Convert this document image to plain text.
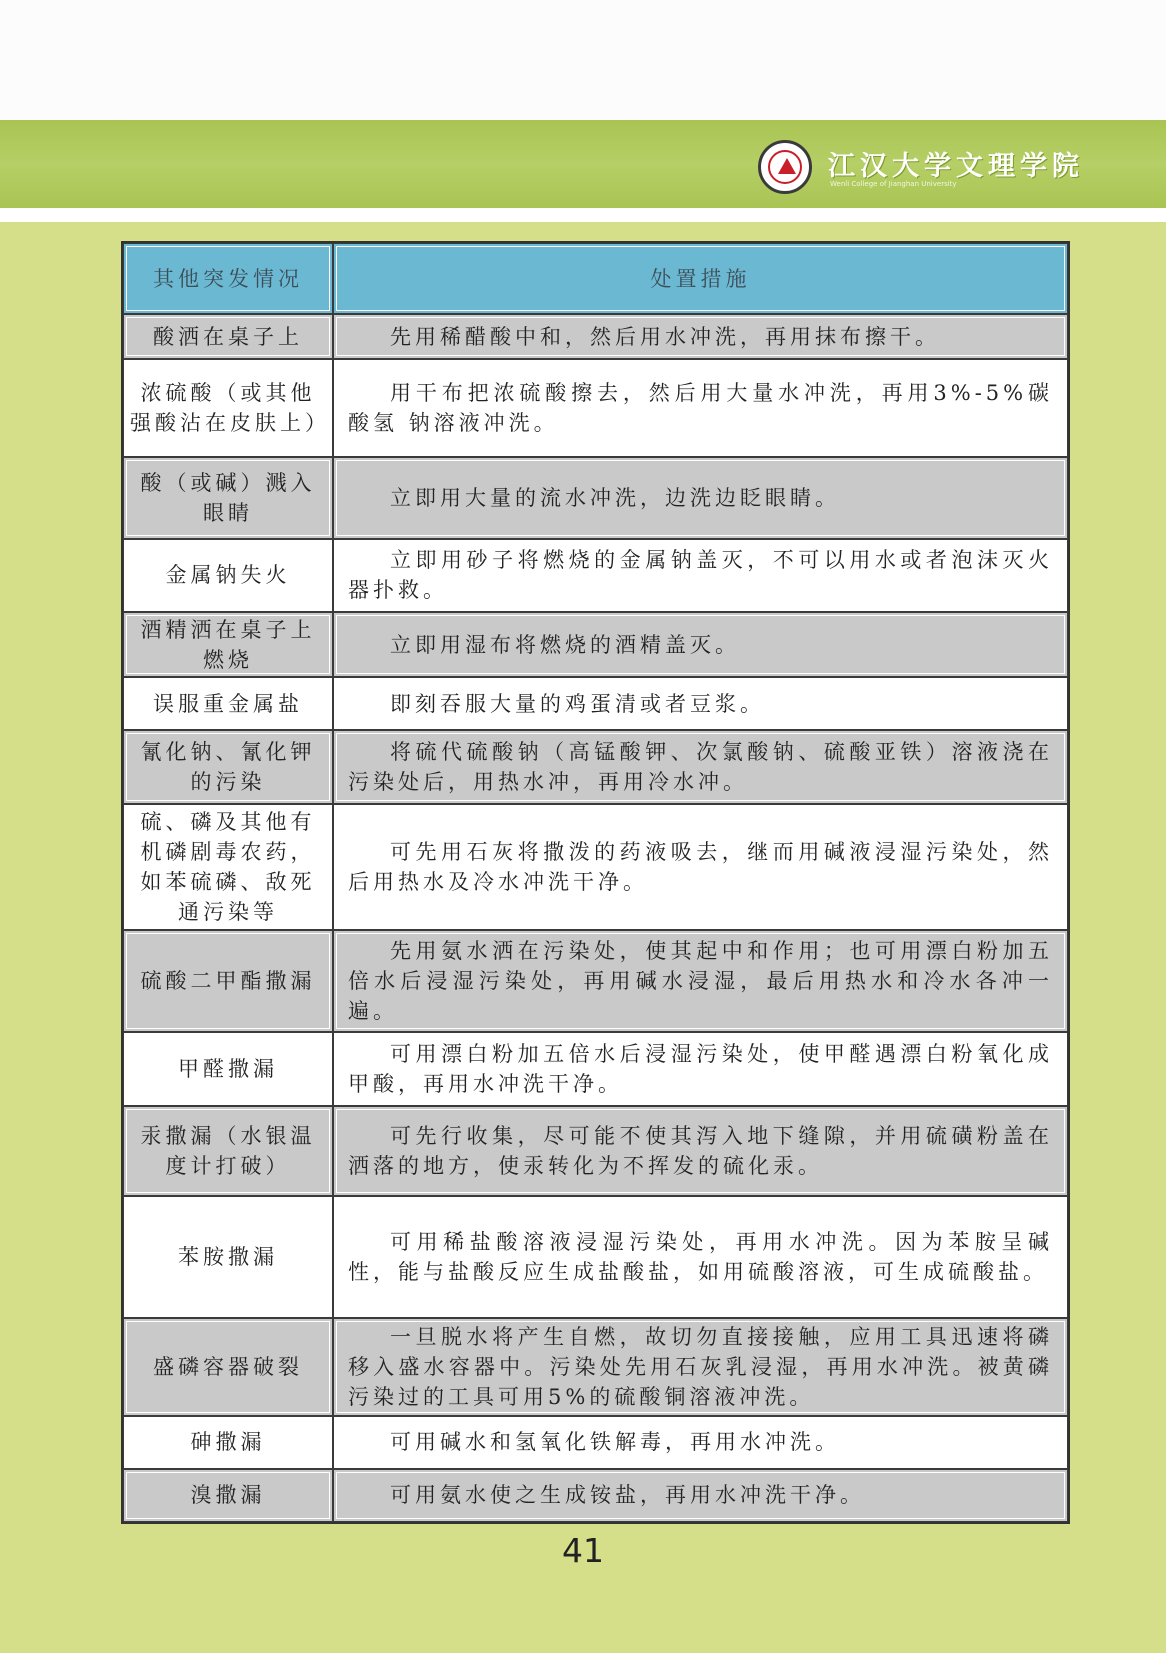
江汉大学文理学院
Wenli College of Jianghan University
其他突发情况	处置措施
酸洒在桌子上	先用稀醋酸中和，然后用水冲洗，再用抹布擦干。
浓硫酸（或其他强酸沾在皮肤上）	用干布把浓硫酸擦去，然后用大量水冲洗，再用3%-5%碳酸氢 钠溶液冲洗。
酸（或碱）溅入眼睛	立即用大量的流水冲洗，边洗边眨眼睛。
金属钠失火	立即用砂子将燃烧的金属钠盖灭，不可以用水或者泡沫灭火器扑救。
酒精洒在桌子上燃烧	立即用湿布将燃烧的酒精盖灭。
误服重金属盐	即刻吞服大量的鸡蛋清或者豆浆。
氰化钠、氰化钾的污染	将硫代硫酸钠（高锰酸钾、次氯酸钠、硫酸亚铁）溶液浇在污染处后，用热水冲，再用冷水冲。
硫、磷及其他有机磷剧毒农药，如苯硫磷、敌死通污染等	可先用石灰将撒泼的药液吸去，继而用碱液浸湿污染处，然后用热水及冷水冲洗干净。
硫酸二甲酯撒漏	先用氨水洒在污染处，使其起中和作用；也可用漂白粉加五倍水后浸湿污染处，再用碱水浸湿，最后用热水和冷水各冲一遍。
甲醛撒漏	可用漂白粉加五倍水后浸湿污染处，使甲醛遇漂白粉氧化成甲酸，再用水冲洗干净。
汞撒漏（水银温度计打破）	可先行收集，尽可能不使其泻入地下缝隙，并用硫磺粉盖在洒落的地方，使汞转化为不挥发的硫化汞。
苯胺撒漏	可用稀盐酸溶液浸湿污染处，再用水冲洗。因为苯胺呈碱性，能与盐酸反应生成盐酸盐，如用硫酸溶液，可生成硫酸盐。
盛磷容器破裂	一旦脱水将产生自燃，故切勿直接接触，应用工具迅速将磷移入盛水容器中。污染处先用石灰乳浸湿，再用水冲洗。被黄磷污染过的工具可用5%的硫酸铜溶液冲洗。
砷撒漏	可用碱水和氢氧化铁解毒，再用水冲洗。
溴撒漏	可用氨水使之生成铵盐，再用水冲洗干净。
41
